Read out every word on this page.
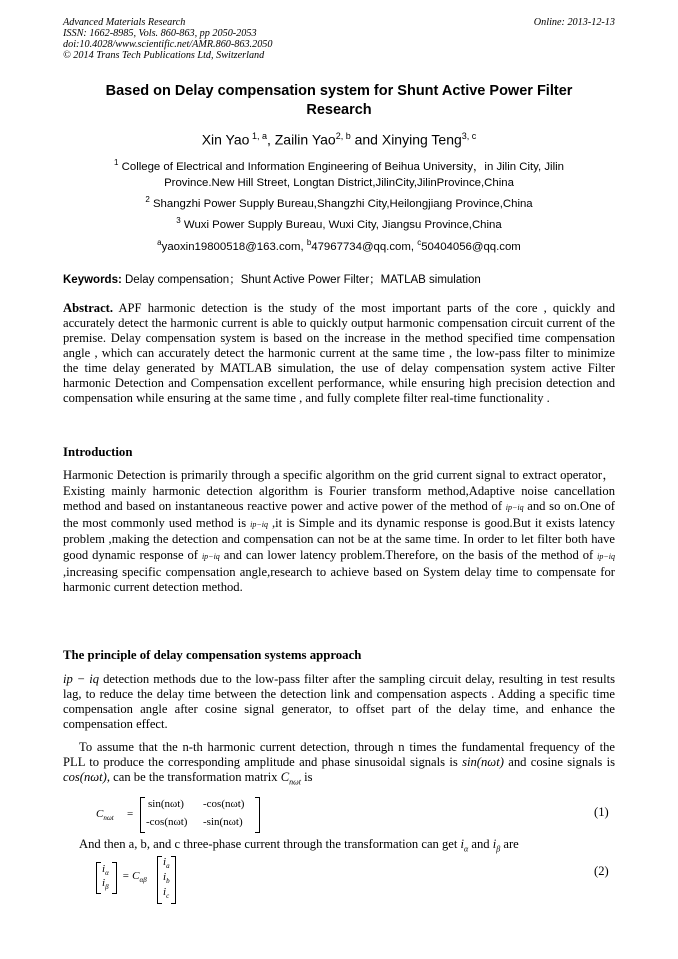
Advanced Materials Research
ISSN: 1662-8985, Vols. 860-863, pp 2050-2053
doi:10.4028/www.scientific.net/AMR.860-863.2050
© 2014 Trans Tech Publications Ltd, Switzerland
Online: 2013-12-13
Based on Delay compensation system for Shunt Active Power Filter
Research
Xin Yao $^{1, a}$, Zailin Yao$^{2, b}$ and Xinying Teng$^{3, c}$
$^1$ College of Electrical and Information Engineering of Beihua University，in Jilin City, Jilin
Province.New Hill Street, Longtan District,JilinCity,JilinProvince,China
$^2$ Shangzhi Power Supply Bureau,Shangzhi City,Heilongjiang Province,China
$^3$ Wuxi Power Supply Bureau, Wuxi City, Jiangsu Province,China
$^a$yaoxin19800518@163.com, $^b$47967734@qq.com, $^c$50404056@qq.com
Keywords: Delay compensation；Shunt Active Power Filter；MATLAB simulation
Abstract. APF harmonic detection is the study of the most important parts of the core , quickly and accurately detect the harmonic current is able to quickly output harmonic compensation circuit current of the premise. Delay compensation system is based on the increase in the method specified time compensation angle , which can accurately detect the harmonic current at the same time , the low-pass filter to minimize the time delay generated by MATLAB simulation, the use of delay compensation system active Filter harmonic Detection and Compensation excellent performance, while ensuring high precision detection and compensation while ensuring at the same time , and fully complete filter real-time functionality .
Introduction
Harmonic Detection is primarily through a specific algorithm on the grid current signal to extract operator，Existing mainly harmonic detection algorithm is Fourier transform method,Adaptive noise cancellation method and based on instantaneous reactive power and active power of the method of ip−iq and so on.One of the most commonly used method is ip−iq ,it is Simple and its dynamic response is good.But it exists latency problem ,making the detection and compensation can not be at the same time. In order to let filter both have good dynamic response of ip−iq and can lower latency problem.Therefore, on the basis of the method of ip−iq ,increasing specific compensation angle,research to achieve based on System delay time to compensate for harmonic current detection method.
The principle of delay compensation systems approach
ip − iq detection methods due to the low-pass filter after the sampling circuit delay, resulting in test results lag, to reduce the delay time between the detection link and compensation aspects . Adding a specific time compensation angle after cosine signal generator, to offset part of the delay time, and enhance the compensation effect.
To assume that the n-th harmonic current detection, through n times the fundamental frequency of the PLL to produce the corresponding amplitude and phase sinusoidal signals is sin(nωt) and cosine signals is cos(nωt), can be the transformation matrix $C_{n\omega t}$ is
$C_{n\omega t}$ =
sin(nωt) -cos(nωt)
-cos(nωt) -sin(nωt)
(1)
And then a, b, and c three-phase current through the transformation can get $i_\alpha$ and $i_\beta$ are
$i_\alpha$
$i_\beta$
= $C_{\alpha\beta}$
$i_a$
$i_b$
$i_c$
(2)
